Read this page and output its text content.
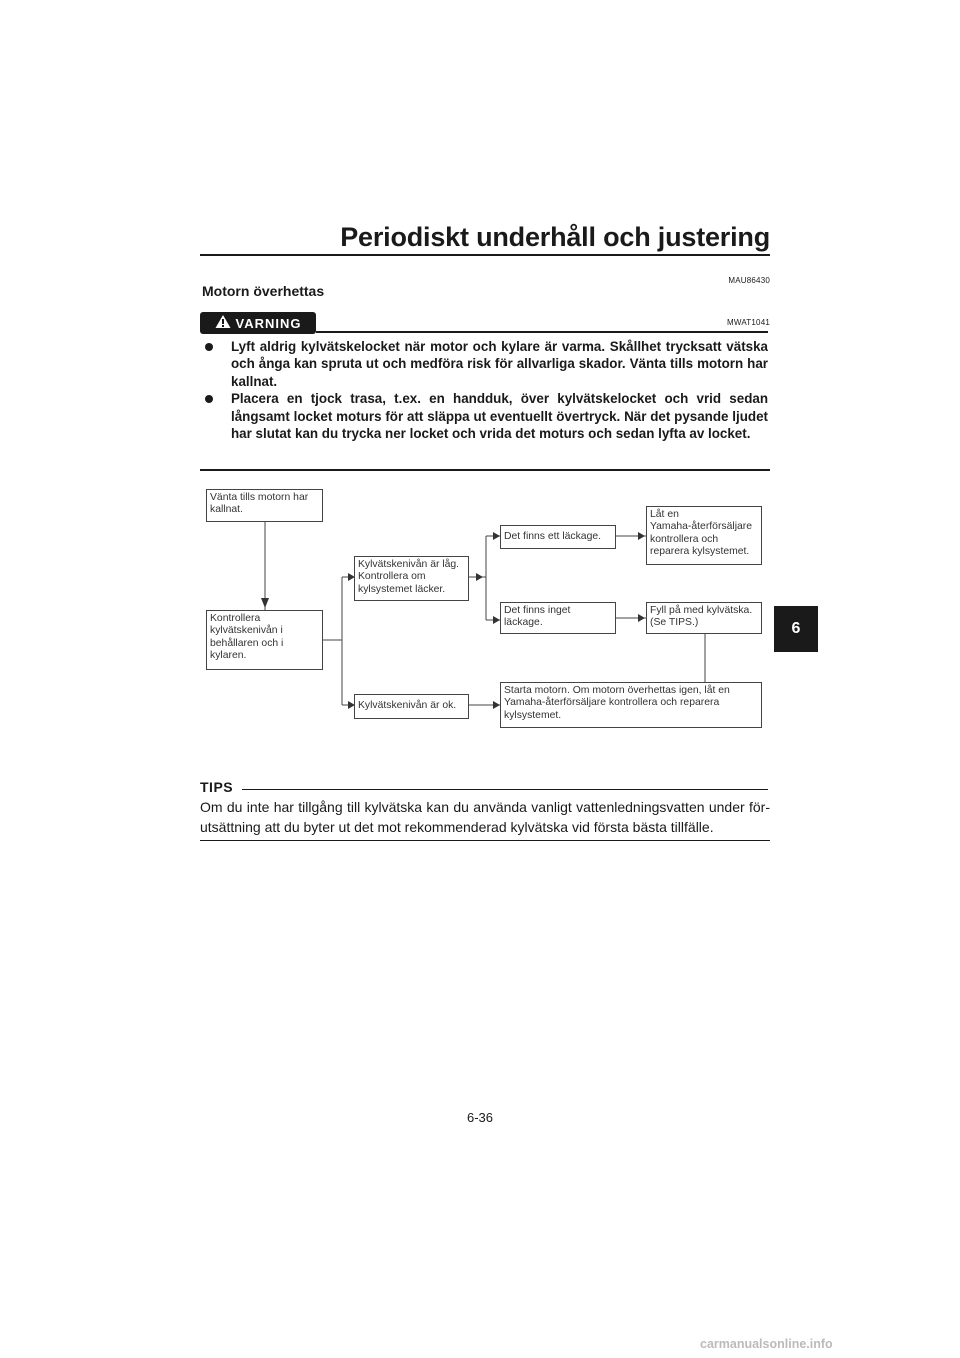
Periodiskt underhåll och justering
MAU86430
Motorn överhettas
VARNING	MWAT1041
Lyft aldrig kylvätskelocket när motor och kylare är varma. Skållhet trycksatt vätska och ånga kan spruta ut och medföra risk för allvarliga skador. Vänta tills motorn har kallnat.
Placera en tjock trasa, t.ex. en handduk, över kylvätskelocket och vrid sedan långsamt locket moturs för att släppa ut eventuellt övertryck. När det pysande ljudet har slutat kan du trycka ner locket och vrida det moturs och sedan lyfta av locket.
Vänta tills motorn har
kallnat.
Kontrollera
kylvätskenivån i
behållaren och i
kylaren.
Kylvätskenivån är låg.
Kontrollera om
kylsystemet läcker.
Kylvätskenivån är ok.
Det finns ett läckage.
Det finns inget
läckage.
Låt en
Yamaha-återförsäljare
kontrollera och
reparera kylsystemet.
Fyll på med kylvätska.
(Se TIPS.)
Starta motorn. Om motorn överhettas igen, låt en
Yamaha-återförsäljare kontrollera och reparera
kylsystemet.
TIPS

Om du inte har tillgång till kylvätska kan du använda vanligt vattenledningsvatten under för-utsättning att du byter ut det mot rekommenderad kylvätska vid första bästa tillfälle.

6
6-36
carmanualsonline.info
